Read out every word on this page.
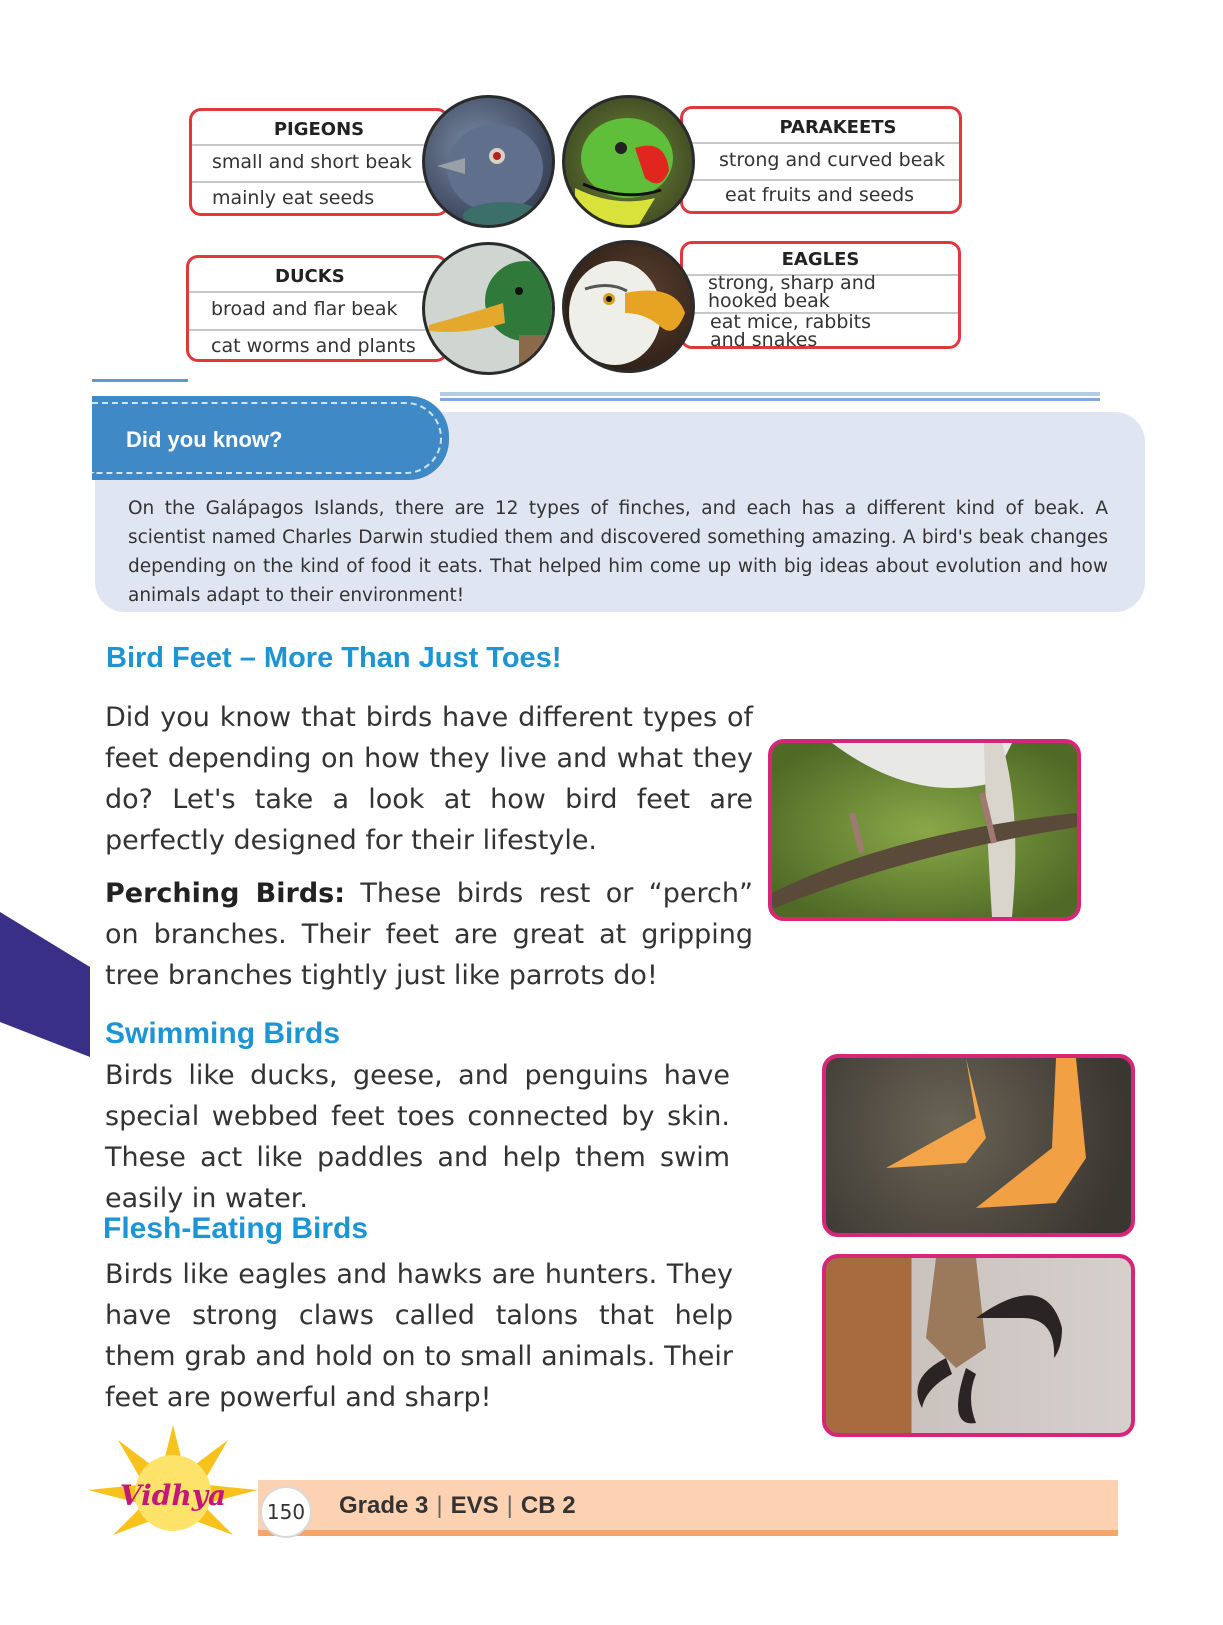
PIGEONS
small and short beak
mainly eat seeds
PARAKEETS
strong and curved beak
eat fruits and seeds
DUCKS
broad and flar beak
cat worms and plants
EAGLES
strong, sharp and
hooked beak
eat mice, rabbits
and snakes
Did you know?
On the Galápagos Islands, there are 12 types of finches, and each has a different kind of beak. A scientist named Charles Darwin studied them and discovered something amazing. A bird's beak changes depending on the kind of food it eats. That helped him come up with big ideas about evolution and how animals adapt to their environment!
Bird Feet – More Than Just Toes!
Did you know that birds have different types of feet depending on how they live and what they do? Let's take a look at how bird feet are perfectly designed for their lifestyle.
Perching Birds: These birds rest or “perch” on branches. Their feet are great at gripping tree branches tightly just like parrots do!
Swimming Birds
Birds like ducks, geese, and penguins have special webbed feet toes connected by skin. These act like paddles and help them swim easily in water.
Flesh-Eating Birds
Birds like eagles and hawks are hunters. They have strong claws called talons that help them grab and hold on to small animals. Their feet are powerful and sharp!
Vidhya	150 Grade 3 | EVS | CB 2
